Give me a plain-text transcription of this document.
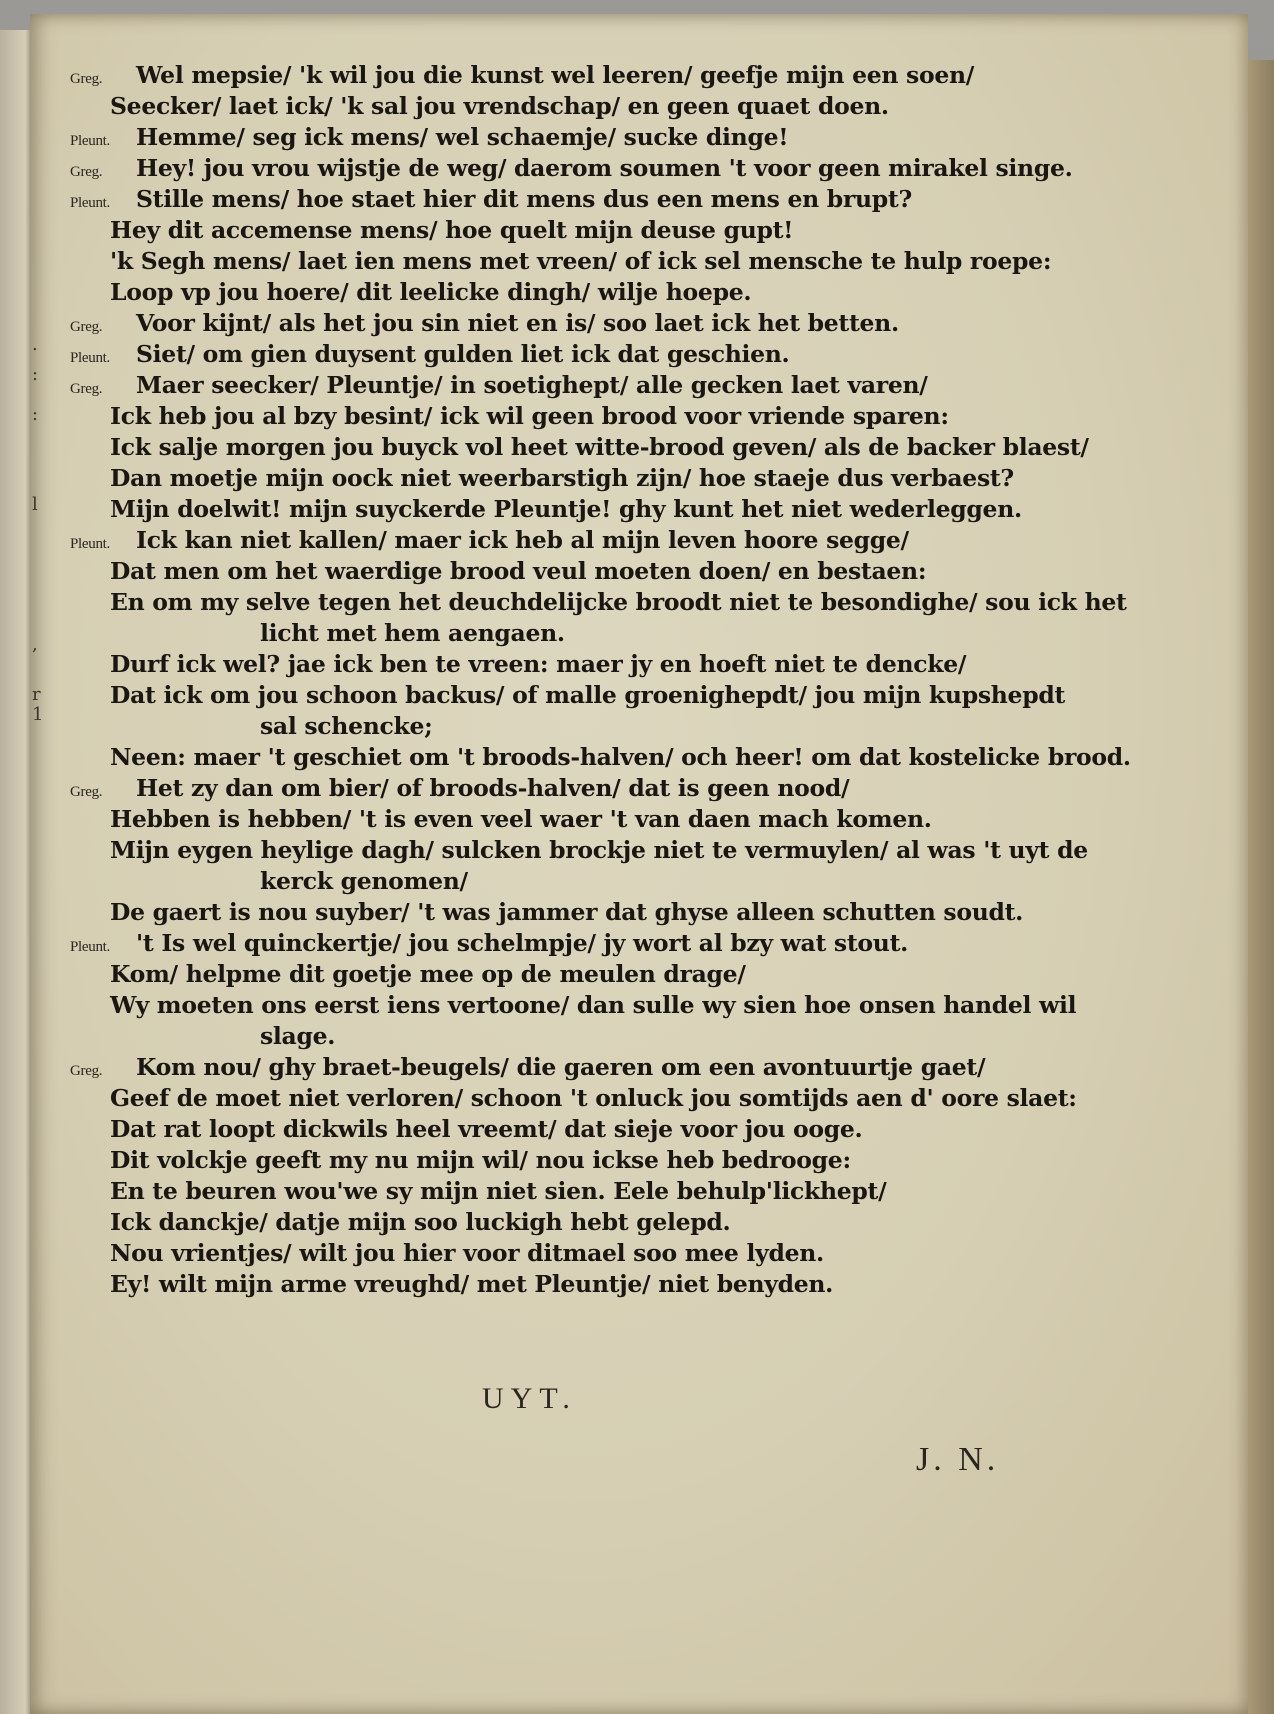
.
:
:
l
,
r
1
Greg. Wel mepsie/ 'k wil jou die kunst wel leeren/ geefje mijn een soen/
Seecker/ laet ick/ 'k sal jou vrendschap/ en geen quaet doen.
Pleunt. Hemme/ seg ick mens/ wel schaemje/ sucke dinge!
Greg. Hey! jou vrou wijstje de weg/ daerom soumen 't voor geen mirakel singe.
Pleunt. Stille mens/ hoe staet hier dit mens dus een mens en brupt?
Hey dit accemense mens/ hoe quelt mijn deuse gupt!
'k Segh mens/ laet ien mens met vreen/ of ick sel mensche te hulp roepe:
Loop vp jou hoere/ dit leelicke dingh/ wilje hoepe.
Greg. Voor kijnt/ als het jou sin niet en is/ soo laet ick het betten.
Pleunt. Siet/ om gien duysent gulden liet ick dat geschien.
Greg. Maer seecker/ Pleuntje/ in soetighept/ alle gecken laet varen/
Ick heb jou al bzy besint/ ick wil geen brood voor vriende sparen:
Ick salje morgen jou buyck vol heet witte-brood geven/ als de backer blaest/
Dan moetje mijn oock niet weerbarstigh zijn/ hoe staeje dus verbaest?
Mijn doelwit! mijn suyckerde Pleuntje! ghy kunt het niet wederleggen.
Pleunt. Ick kan niet kallen/ maer ick heb al mijn leven hoore segge/
Dat men om het waerdige brood veul moeten doen/ en bestaen:
En om my selve tegen het deuchdelijcke broodt niet te besondighe/ sou ick het
licht met hem aengaen.
Durf ick wel? jae ick ben te vreen: maer jy en hoeft niet te dencke/
Dat ick om jou schoon backus/ of malle groenighepdt/ jou mijn kupshepdt
sal schencke;
Neen: maer 't geschiet om 't broods-halven/ och heer! om dat kostelicke brood.
Greg. Het zy dan om bier/ of broods-halven/ dat is geen nood/
Hebben is hebben/ 't is even veel waer 't van daen mach komen.
Mijn eygen heylige dagh/ sulcken brockje niet te vermuylen/ al was 't uyt de
kerck genomen/
De gaert is nou suyber/ 't was jammer dat ghyse alleen schutten soudt.
Pleunt. 't Is wel quinckertje/ jou schelmpje/ jy wort al bzy wat stout.
Kom/ helpme dit goetje mee op de meulen drage/
Wy moeten ons eerst iens vertoone/ dan sulle wy sien hoe onsen handel wil
slage.
Greg. Kom nou/ ghy braet-beugels/ die gaeren om een avontuurtje gaet/
Geef de moet niet verloren/ schoon 't onluck jou somtijds aen d' oore slaet:
Dat rat loopt dickwils heel vreemt/ dat sieje voor jou ooge.
Dit volckje geeft my nu mijn wil/ nou ickse heb bedrooge:
En te beuren wou'we sy mijn niet sien. Eele behulp'lickhept/
Ick danckje/ datje mijn soo luckigh hebt gelepd.
Nou vrientjes/ wilt jou hier voor ditmael soo mee lyden.
Ey! wilt mijn arme vreughd/ met Pleuntje/ niet benyden.
UYT.
J. N.
